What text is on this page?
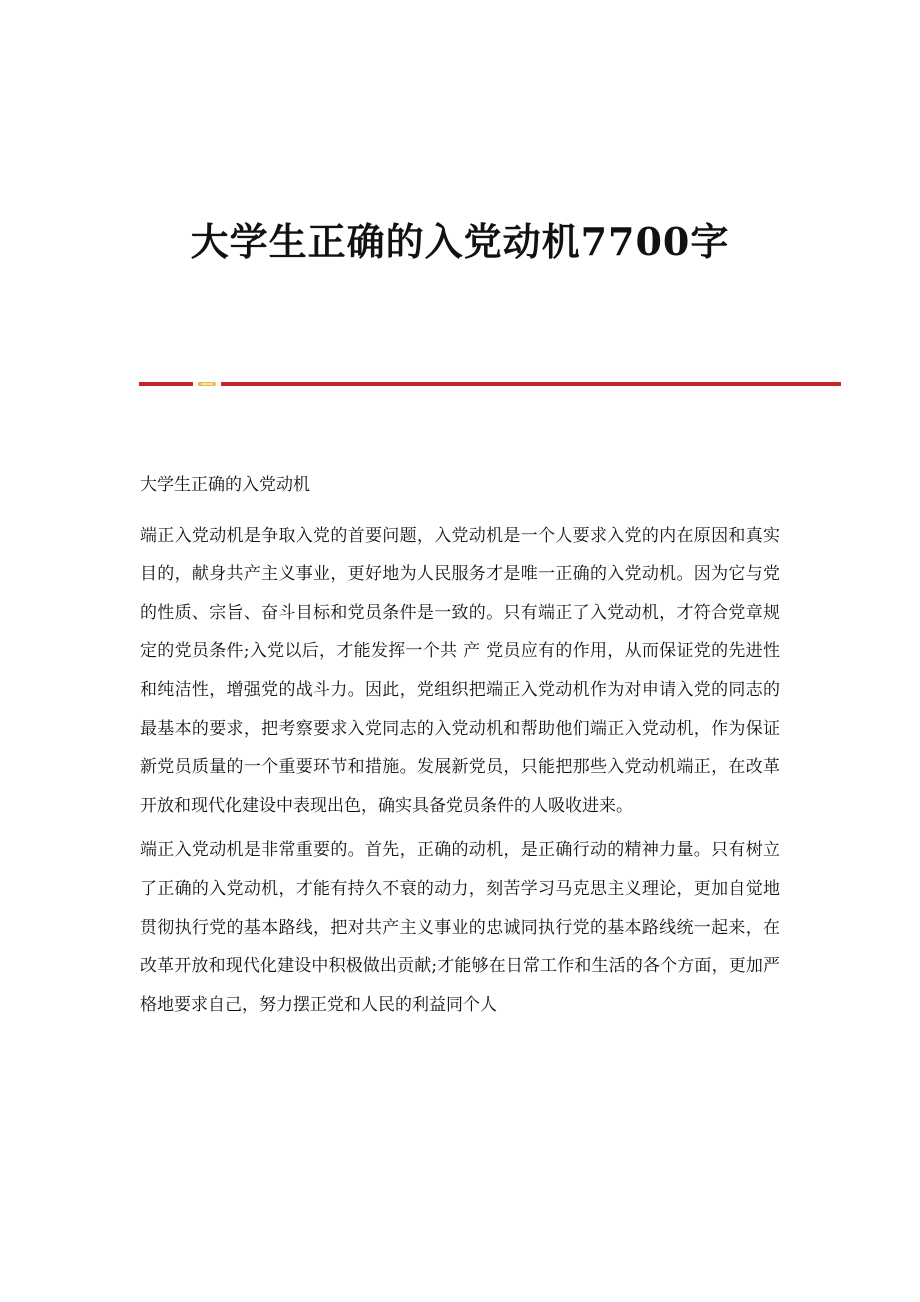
大学生正确的入党动机7700字

大学生正确的入党动机

端正入党动机是争取入党的首要问题，入党动机是一个人要求入党的内在原因和真实目的，献身共产主义事业，更好地为人民服务才是唯一正确的入党动机。因为它与党的性质、宗旨、奋斗目标和党员条件是一致的。只有端正了入党动机，才符合党章规定的党员条件;入党以后，才能发挥一个共 产 党员应有的作用，从而保证党的先进性和纯洁性，增强党的战斗力。因此，党组织把端正入党动机作为对申请入党的同志的最基本的要求，把考察要求入党同志的入党动机和帮助他们端正入党动机，作为保证新党员质量的一个重要环节和措施。发展新党员，只能把那些入党动机端正，在改革开放和现代化建设中表现出色，确实具备党员条件的人吸收进来。

端正入党动机是非常重要的。首先，正确的动机，是正确行动的精神力量。只有树立了正确的入党动机，才能有持久不衰的动力，刻苦学习马克思主义理论，更加自觉地贯彻执行党的基本路线，把对共产主义事业的忠诚同执行党的基本路线统一起来，在改革开放和现代化建设中积极做出贡献;才能够在日常工作和生活的各个方面，更加严格地要求自己，努力摆正党和人民的利益同个人
